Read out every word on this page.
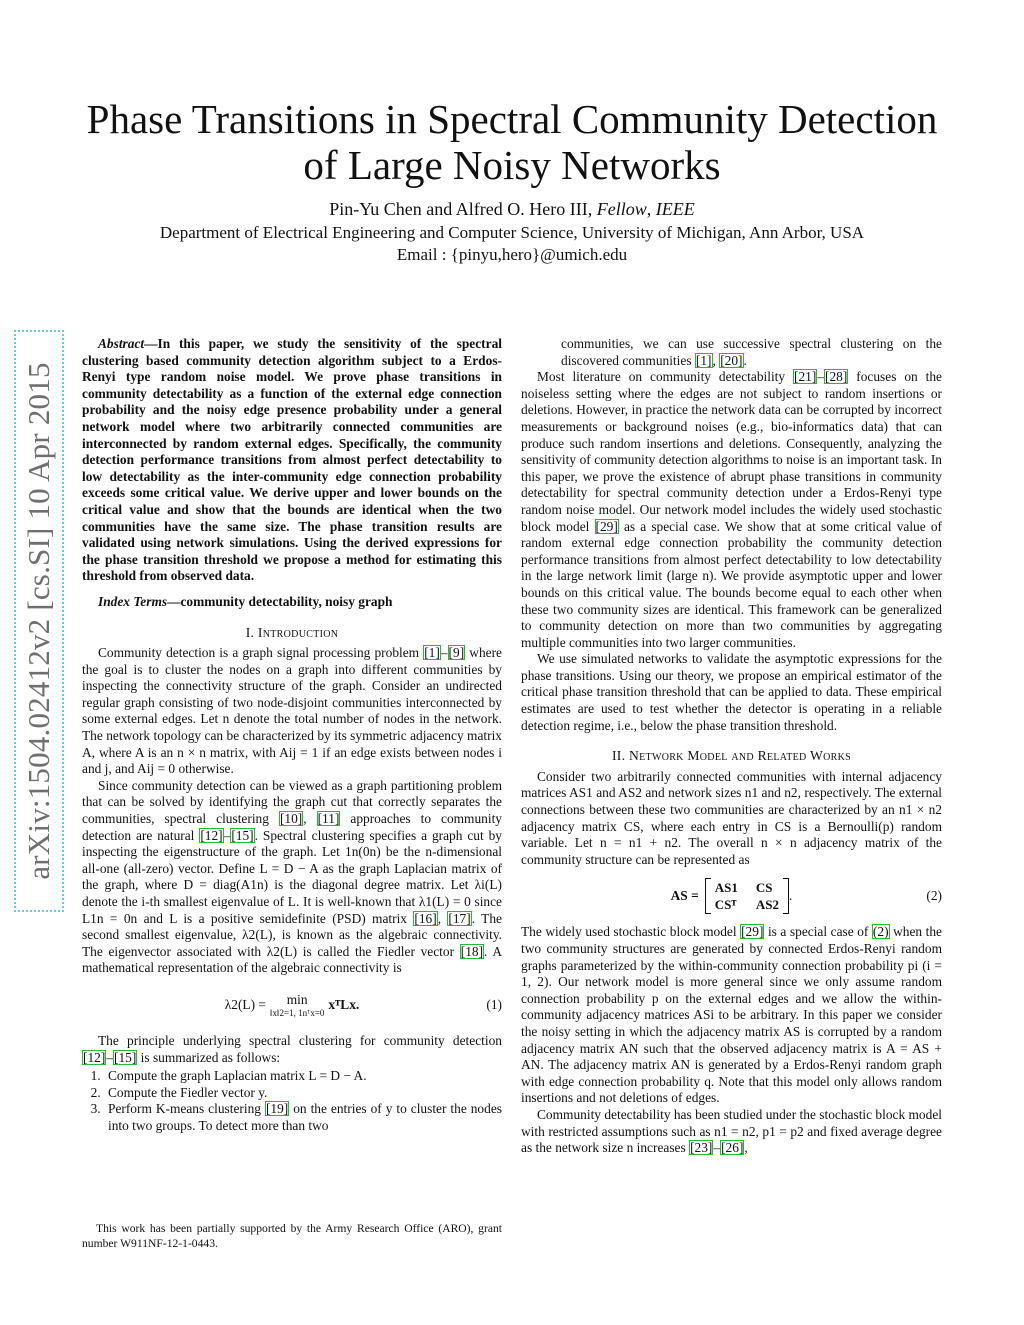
Phase Transitions in Spectral Community Detection
of Large Noisy Networks
Pin-Yu Chen and Alfred O. Hero III, Fellow, IEEE
Department of Electrical Engineering and Computer Science, University of Michigan, Ann Arbor, USA
Email : {pinyu,hero}@umich.edu
arXiv:1504.02412v2 [cs.SI] 10 Apr 2015

Abstract—In this paper, we study the sensitivity of the spectral clustering based community detection algorithm subject to a Erdos-Renyi type random noise model. We prove phase transitions in community detectability as a function of the external edge connection probability and the noisy edge presence probability under a general network model where two arbitrarily connected communities are interconnected by random external edges. Specifically, the community detection performance transitions from almost perfect detectability to low detectability as the inter-community edge connection probability exceeds some critical value. We derive upper and lower bounds on the critical value and show that the bounds are identical when the two communities have the same size. The phase transition results are validated using network simulations. Using the derived expressions for the phase transition threshold we propose a method for estimating this threshold from observed data.

Index Terms—community detectability, noisy graph

I. Introduction

Community detection is a graph signal processing problem [1]–[9] where the goal is to cluster the nodes on a graph into different communities by inspecting the connectivity structure of the graph. Consider an undirected regular graph consisting of two node-disjoint communities interconnected by some external edges. Let n denote the total number of nodes in the network. The network topology can be characterized by its symmetric adjacency matrix A, where A is an n × n matrix, with Aij = 1 if an edge exists between nodes i and j, and Aij = 0 otherwise.

Since community detection can be viewed as a graph partitioning problem that can be solved by identifying the graph cut that correctly separates the communities, spectral clustering [10], [11] approaches to community detection are natural [12]–[15]. Spectral clustering specifies a graph cut by inspecting the eigenstructure of the graph. Let 1n(0n) be the n-dimensional all-one (all-zero) vector. Define L = D − A as the graph Laplacian matrix of the graph, where D = diag(A1n) is the diagonal degree matrix. Let λi(L) denote the i-th smallest eigenvalue of L. It is well-known that λ1(L) = 0 since L1n = 0n and L is a positive semidefinite (PSD) matrix [16], [17]. The second smallest eigenvalue, λ2(L), is known as the algebraic connectivity. The eigenvector associated with λ2(L) is called the Fiedler vector [18]. A mathematical representation of the algebraic connectivity is

λ2(L) = min
‖x‖2=1, 1nᵀx=0
xᵀLx.	(1)

The principle underlying spectral clustering for community detection [12]–[15] is summarized as follows:

1. Compute the graph Laplacian matrix L = D − A.
2. Compute the Fiedler vector y.
3. Perform K-means clustering [19] on the entries of y to cluster the nodes into two groups. To detect more than two

This work has been partially supported by the Army Research Office (ARO), grant number W911NF-12-1-0443.

communities, we can use successive spectral clustering on the discovered communities [1], [20].

Most literature on community detectability [21]–[28] focuses on the noiseless setting where the edges are not subject to random insertions or deletions. However, in practice the network data can be corrupted by incorrect measurements or background noises (e.g., bio-informatics data) that can produce such random insertions and deletions. Consequently, analyzing the sensitivity of community detection algorithms to noise is an important task. In this paper, we prove the existence of abrupt phase transitions in community detectability for spectral community detection under a Erdos-Renyi type random noise model. Our network model includes the widely used stochastic block model [29] as a special case. We show that at some critical value of random external edge connection probability the community detection performance transitions from almost perfect detectability to low detectability in the large network limit (large n). We provide asymptotic upper and lower bounds on this critical value. The bounds become equal to each other when these two community sizes are identical. This framework can be generalized to community detection on more than two communities by aggregating multiple communities into two larger communities.

We use simulated networks to validate the asymptotic expressions for the phase transitions. Using our theory, we propose an empirical estimator of the critical phase transition threshold that can be applied to data. These empirical estimates are used to test whether the detector is operating in a reliable detection regime, i.e., below the phase transition threshold.

II. Network Model and Related Works

Consider two arbitrarily connected communities with internal adjacency matrices AS1 and AS2 and network sizes n1 and n2, respectively. The external connections between these two communities are characterized by an n1 × n2 adjacency matrix CS, where each entry in CS is a Bernoulli(p) random variable. Let n = n1 + n2. The overall n × n adjacency matrix of the community structure can be represented as

AS =
AS1 CS
CSᵀ AS2
.	(2)

The widely used stochastic block model [29] is a special case of (2) when the two community structures are generated by connected Erdos-Renyi random graphs parameterized by the within-community connection probability pi (i = 1, 2). Our network model is more general since we only assume random connection probability p on the external edges and we allow the within-community adjacency matrices ASi to be arbitrary. In this paper we consider the noisy setting in which the adjacency matrix AS is corrupted by a random adjacency matrix AN such that the observed adjacency matrix is A = AS + AN. The adjacency matrix AN is generated by a Erdos-Renyi random graph with edge connection probability q. Note that this model only allows random insertions and not deletions of edges.

Community detectability has been studied under the stochastic block model with restricted assumptions such as n1 = n2, p1 = p2 and fixed average degree as the network size n increases [23]–[26],
